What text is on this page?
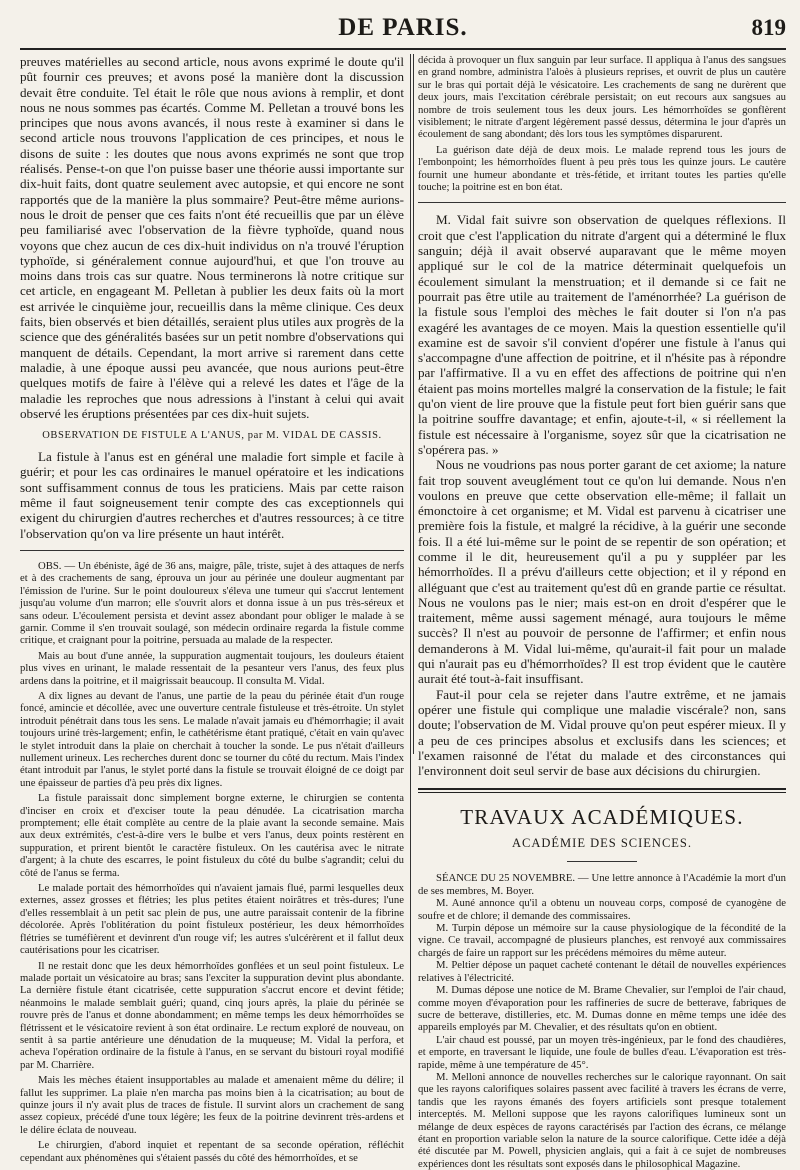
DE PARIS.	819

preuves matérielles au second article, nous avons exprimé le doute qu'il pût fournir ces preuves; et avons posé la manière dont la discussion devait être conduite. Tel était le rôle que nous avions à remplir, et dont nous ne nous sommes pas écartés. Comme M. Pelletan a trouvé bons les principes que nous avons avancés, il nous reste à examiner si dans le second article nous trouvons l'application de ces principes, et nous le disons de suite : les doutes que nous avons exprimés ne sont que trop réalisés. Pense-t-on que l'on puisse baser une théorie aussi importante sur dix-huit faits, dont quatre seulement avec autopsie, et qui encore ne sont rapportés que de la manière la plus sommaire? Peut-être même aurions-nous le droit de penser que ces faits n'ont été recueillis que par un élève peu familiarisé avec l'observation de la fièvre typhoïde, quand nous voyons que chez aucun de ces dix-huit individus on n'a trouvé l'éruption typhoïde, si généralement connue aujourd'hui, et que l'on trouve au moins dans trois cas sur quatre. Nous terminerons là notre critique sur cet article, en engageant M. Pelletan à publier les deux faits où la mort est arrivée le cinquième jour, recueillis dans la même clinique. Ces deux faits, bien observés et bien détaillés, seraient plus utiles aux progrès de la science que des généralités basées sur un petit nombre d'observations qui manquent de détails. Cependant, la mort arrive si rarement dans cette maladie, à une époque aussi peu avancée, que nous aurions peut-être quelques motifs de faire à l'élève qui a relevé les dates et l'âge de la maladie les reproches que nous adressions à l'instant à celui qui avait observé les éruptions présentées par ces dix-huit sujets.

OBSERVATION DE FISTULE A L'ANUS, par M. VIDAL DE CASSIS.

La fistule à l'anus est en général une maladie fort simple et facile à guérir; et pour les cas ordinaires le manuel opératoire et les indications sont suffisamment connus de tous les praticiens. Mais par cette raison même il faut soigneusement tenir compte des cas exceptionnels qui exigent du chirurgien d'autres recherches et d'autres ressources; à ce titre l'observation qu'on va lire présente un haut intérêt.

OBS. — Un ébéniste, âgé de 36 ans, maigre, pâle, triste, sujet à des attaques de nerfs et à des crachements de sang, éprouva un jour au périnée une douleur augmentant par l'émission de l'urine. Sur le point douloureux s'éleva une tumeur qui s'accrut lentement jusqu'au volume d'un marron; elle s'ouvrit alors et donna issue à un pus très-séreux et sans odeur. L'écoulement persista et devint assez abondant pour obliger le malade à se garnir. Comme il s'en trouvait soulagé, son médecin ordinaire regarda la fistule comme critique, et craignant pour la poitrine, persuada au malade de la respecter.

Mais au bout d'une année, la suppuration augmentait toujours, les douleurs étaient plus vives en urinant, le malade ressentait de la pesanteur vers l'anus, des feux plus ardens dans la poitrine, et il maigrissait beaucoup. Il consulta M. Vidal.

A dix lignes au devant de l'anus, une partie de la peau du périnée était d'un rouge foncé, amincie et décollée, avec une ouverture centrale fistuleuse et très-étroite. Un stylet introduit pénétrait dans tous les sens. Le malade n'avait jamais eu d'hémorrhagie; il avait toujours uriné très-largement; enfin, le cathétérisme étant pratiqué, c'était en vain qu'avec le stylet introduit dans la plaie on cherchait à toucher la sonde. Le pus n'était d'ailleurs nullement urineux. Les recherches durent donc se tourner du côté du rectum. Mais l'index étant introduit par l'anus, le stylet porté dans la fistule se trouvait éloigné de ce doigt par une épaisseur de parties d'à peu près dix lignes.

La fistule paraissait donc simplement borgne externe, le chirurgien se contenta d'inciser en croix et d'exciser toute la peau dénudée. La cicatrisation marcha promptement; elle était complète au centre de la plaie avant la seconde semaine. Mais aux deux extrémités, c'est-à-dire vers le bulbe et vers l'anus, deux points restèrent en suppuration, et prirent bientôt le caractère fistuleux. On les cautérisa avec le nitrate d'argent; à la chute des escarres, le point fistuleux du côté du bulbe s'agrandit; celui du côté de l'anus se ferma.

Le malade portait des hémorrhoïdes qui n'avaient jamais flué, parmi lesquelles deux externes, assez grosses et flétries; les plus petites étaient noirâtres et très-dures; l'une d'elles ressemblait à un petit sac plein de pus, une autre paraissait contenir de la fibrine décolorée. Après l'oblitération du point fistuleux postérieur, les deux hémorrhoïdes flétries se tuméfièrent et devinrent d'un rouge vif; les autres s'ulcérèrent et il fallut deux cautérisations pour les cicatriser.

Il ne restait donc que les deux hémorrhoïdes gonflées et un seul point fistuleux. Le malade portait un vésicatoire au bras; sans l'exciter la suppuration devint plus abondante. La dernière fistule étant cicatrisée, cette suppuration s'accrut encore et devint fétide; néanmoins le malade semblait guéri; quand, cinq jours après, la plaie du périnée se rouvre près de l'anus et donne abondamment; en même temps les deux hémorrhoïdes se flétrissent et le vésicatoire revient à son état ordinaire. Le rectum exploré de nouveau, on sentit à sa partie antérieure une dénudation de la muqueuse; M. Vidal la perfora, et acheva l'opération ordinaire de la fistule à l'anus, en se servant du bistouri royal modifié par M. Charrière.

Mais les mèches étaient insupportables au malade et amenaient même du délire; il fallut les supprimer. La plaie n'en marcha pas moins bien à la cicatrisation; au bout de quinze jours il n'y avait plus de traces de fistule. Il survint alors un crachement de sang assez copieux, précédé d'une toux légère; les feux de la poitrine devinrent très-ardens et le délire éclata de nouveau.

Le chirurgien, d'abord inquiet et repentant de sa seconde opération, réfléchit cependant aux phénomènes qui s'étaient passés du côté des hémorrhoïdes, et se

décida à provoquer un flux sanguin par leur surface. Il appliqua à l'anus des sangsues en grand nombre, administra l'aloès à plusieurs reprises, et ouvrit de plus un cautère sur le bras qui portait déjà le vésicatoire. Les crachements de sang ne durèrent que deux jours, mais l'excitation cérébrale persistait; on eut recours aux sangsues au nombre de trois seulement tous les deux jours. Les hémorrhoïdes se gonflèrent visiblement; le nitrate d'argent légèrement passé dessus, détermina le jour d'après un écoulement de sang abondant; dès lors tous les symptômes disparurent.

La guérison date déjà de deux mois. Le malade reprend tous les jours de l'embonpoint; les hémorrhoïdes fluent à peu près tous les quinze jours. Le cautère fournit une humeur abondante et très-fétide, et irritant toutes les parties qu'elle touche; la poitrine est en bon état.

M. Vidal fait suivre son observation de quelques réflexions. Il croit que c'est l'application du nitrate d'argent qui a déterminé le flux sanguin; déjà il avait observé auparavant que le même moyen appliqué sur le col de la matrice déterminait quelquefois un écoulement simulant la menstruation; et il demande si ce fait ne pourrait pas être utile au traitement de l'aménorrhée? La guérison de la fistule sous l'emploi des mèches le fait douter si l'on n'a pas exagéré les avantages de ce moyen. Mais la question essentielle qu'il examine est de savoir s'il convient d'opérer une fistule à l'anus qui s'accompagne d'une affection de poitrine, et il n'hésite pas à répondre par l'affirmative. Il a vu en effet des affections de poitrine qui n'en étaient pas moins mortelles malgré la conservation de la fistule; le fait qu'on vient de lire prouve que la fistule peut fort bien guérir sans que la poitrine souffre davantage; et enfin, ajoute-t-il, « si réellement la fistule est nécessaire à l'organisme, soyez sûr que la cicatrisation ne s'opérera pas. »

Nous ne voudrions pas nous porter garant de cet axiome; la nature fait trop souvent aveuglément tout ce qu'on lui demande. Nous n'en voulons en preuve que cette observation elle-même; il fallait un émonctoire à cet organisme; et M. Vidal est parvenu à cicatriser une première fois la fistule, et malgré la récidive, à la guérir une seconde fois. Il a été lui-même sur le point de se repentir de son opération; et comme il le dit, heureusement qu'il a pu y suppléer par les hémorrhoïdes. Il a prévu d'ailleurs cette objection; et il y répond en alléguant que c'est au traitement qu'est dû en grande partie ce résultat. Nous ne voulons pas le nier; mais est-on en droit d'espérer que le traitement, même aussi sagement ménagé, aura toujours le même succès? Il n'est au pouvoir de personne de l'affirmer; et enfin nous demanderons à M. Vidal lui-même, qu'aurait-il fait pour un malade qui n'aurait pas eu d'hémorrhoïdes? Il est trop évident que le cautère aurait été tout-à-fait insuffisant.

Faut-il pour cela se rejeter dans l'autre extrême, et ne jamais opérer une fistule qui complique une maladie viscérale? non, sans doute; l'observation de M. Vidal prouve qu'on peut espérer mieux. Il y a peu de ces principes absolus et exclusifs dans les sciences; et l'examen raisonné de l'état du malade et des circonstances qui l'environnent doit seul servir de base aux décisions du chirurgien.

TRAVAUX ACADÉMIQUES.
ACADÉMIE DES SCIENCES.

SÉANCE DU 25 NOVEMBRE. — Une lettre annonce à l'Académie la mort d'un de ses membres, M. Boyer.

M. Auné annonce qu'il a obtenu un nouveau corps, composé de cyanogène de soufre et de chlore; il demande des commissaires.

M. Turpin dépose un mémoire sur la cause physiologique de la fécondité de la vigne. Ce travail, accompagné de plusieurs planches, est renvoyé aux commissaires chargés de faire un rapport sur les précédens mémoires du même auteur.

M. Peltier dépose un paquet cacheté contenant le détail de nouvelles expériences relatives à l'électricité.

M. Dumas dépose une notice de M. Brame Chevalier, sur l'emploi de l'air chaud, comme moyen d'évaporation pour les raffineries de sucre de betterave, fabriques de sucre de betterave, distilleries, etc. M. Dumas donne en même temps une idée des appareils employés par M. Chevalier, et des résultats qu'on en obtient.

L'air chaud est poussé, par un moyen très-ingénieux, par le fond des chaudières, et emporte, en traversant le liquide, une foule de bulles d'eau. L'évaporation est très-rapide, même à une température de 45°.

M. Melloni annonce de nouvelles recherches sur le calorique rayonnant. On sait que les rayons calorifiques solaires passent avec facilité à travers les écrans de verre, tandis que les rayons émanés des foyers artificiels sont presque totalement interceptés. M. Melloni suppose que les rayons calorifiques lumineux sont un mélange de deux espèces de rayons caractérisés par l'action des écrans, ce mélange étant en proportion variable selon la nature de la source calorifique. Cette idée a déjà été discutée par M. Powell, physicien anglais, qui a fait à ce sujet de nombreuses expériences dont les résultats sont exposés dans le philosophical Magazine.
